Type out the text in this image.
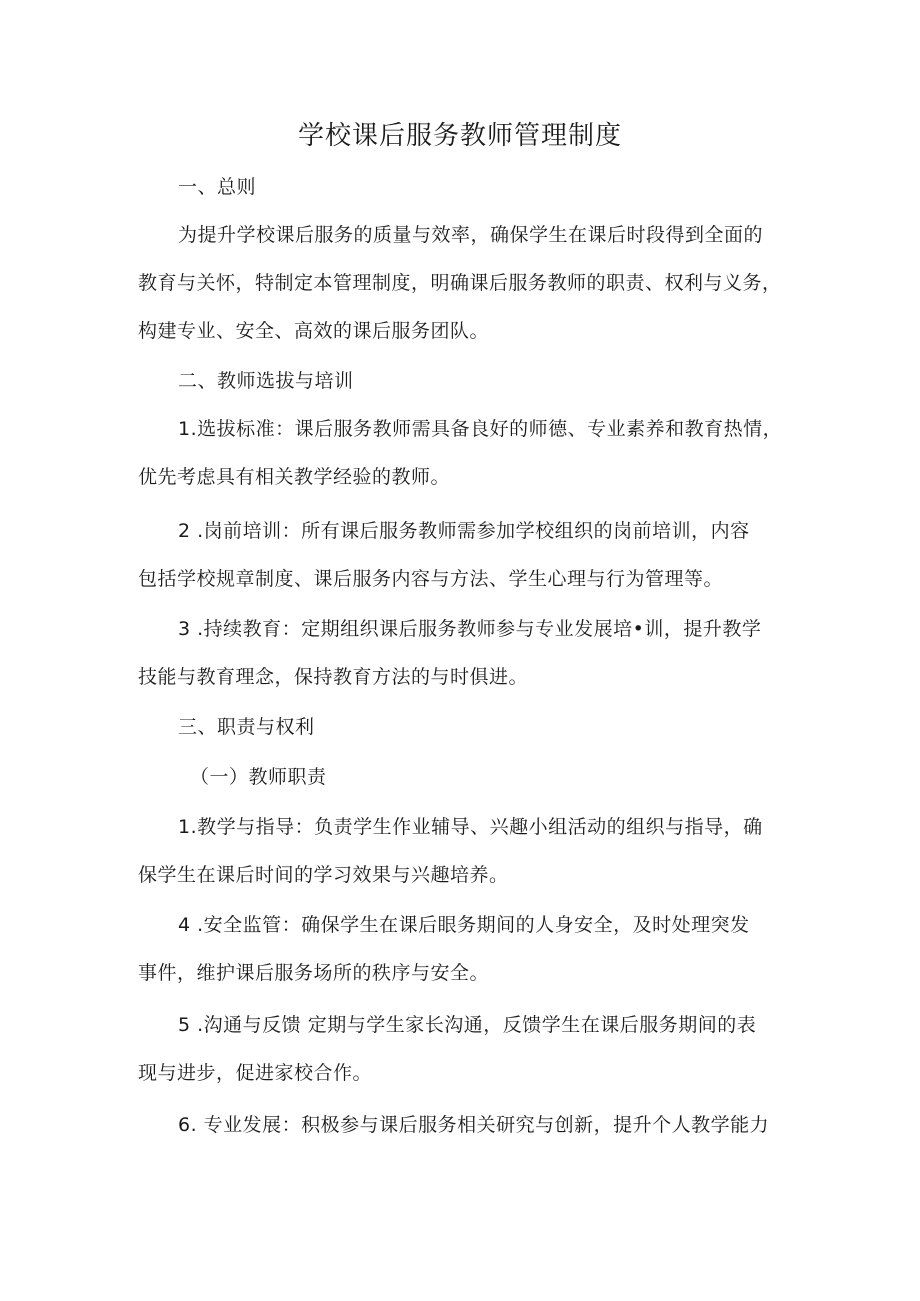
学校课后服务教师管理制度
一、总则
为提升学校课后服务的质量与效率，确保学生在课后时段得到全面的
教育与关怀，特制定本管理制度，明确课后服务教师的职责、权利与义务，
构建专业、安全、高效的课后服务团队。
二、教师选拔与培训
1.选拔标准：课后服务教师需具备良好的师德、专业素养和教育热情，
优先考虑具有相关教学经验的教师。
2 .岗前培训：所有课后服务教师需参加学校组织的岗前培训，内容
包括学校规章制度、课后服务内容与方法、学生心理与行为管理等。
3 .持续教育：定期组织课后服务教师参与专业发展培•训，提升教学
技能与教育理念，保持教育方法的与时俱进。
三、职责与权利
（一）教师职责
1.教学与指导：负责学生作业辅导、兴趣小组活动的组织与指导，确
保学生在课后时间的学习效果与兴趣培养。
4 .安全监管：确保学生在课后眼务期间的人身安全，及时处理突发
事件，维护课后服务场所的秩序与安全。
5 .沟通与反馈 定期与学生家长沟通，反馈学生在课后服务期间的表
现与进步，促进家校合作。
6. 专业发展：积极参与课后服务相关研究与创新，提升个人教学能力
